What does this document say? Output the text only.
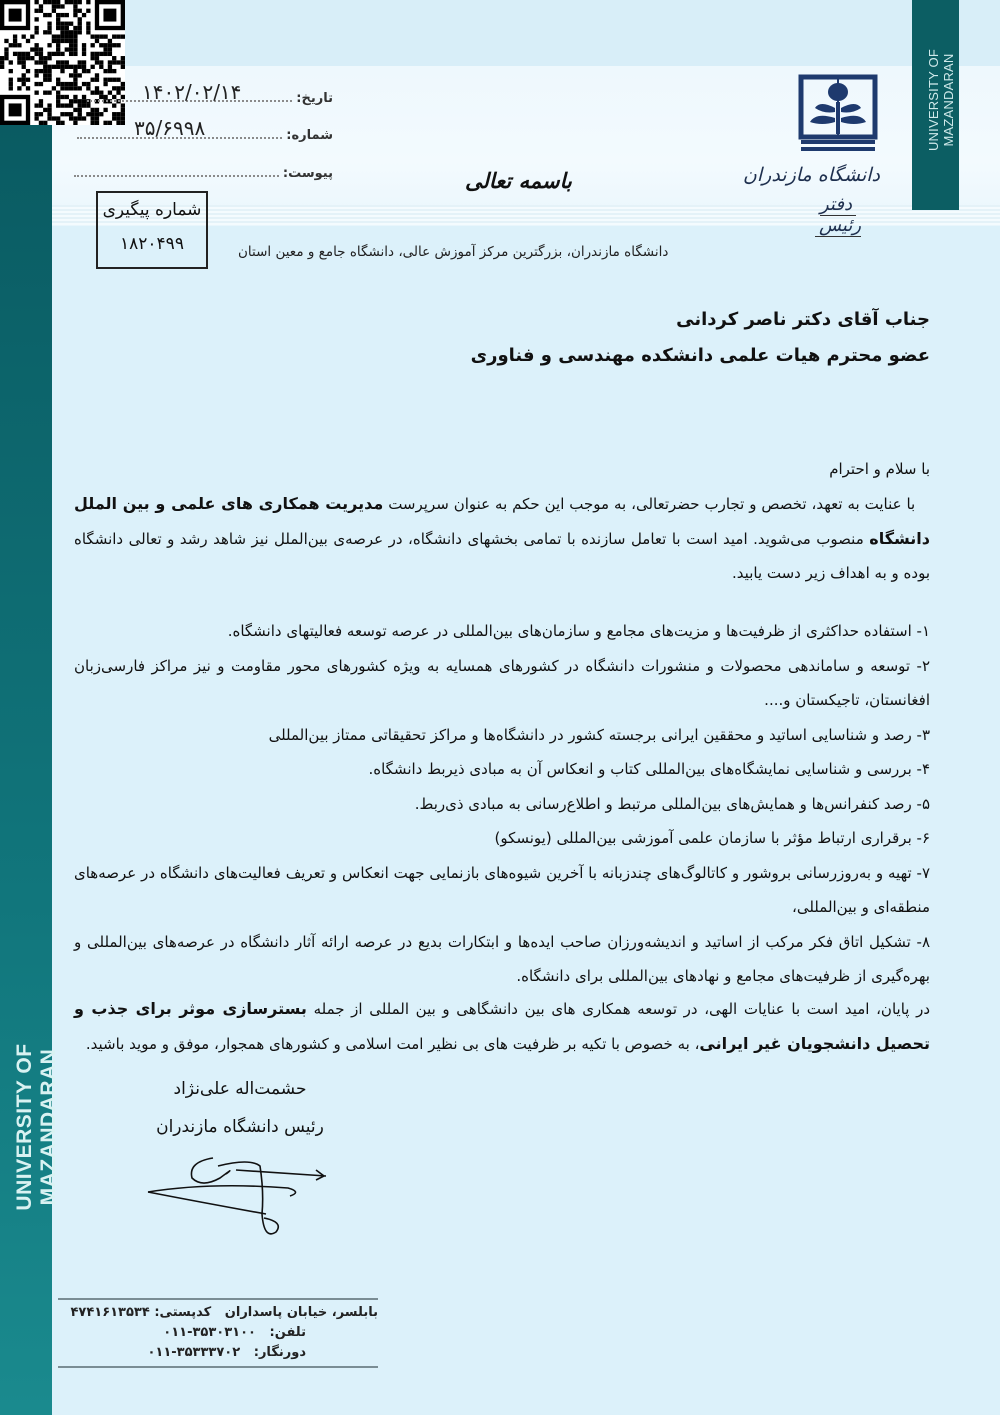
UNIVERSITY OF MAZANDARAN
UNIVERSITY OF MAZANDARAN
تاریخ:
۱۴۰۲/۰۲/۱۴
شماره:
۳۵/۶۹۹۸
پیوست:	باسمه تعالی
شماره پیگیری
۱۸۲۰۴۹۹	دانشگاه مازندران، بزرگترین مرکز آموزش عالی، دانشگاه جامع و معین استان
دانشگاه مازندران
دفتر رئیس
جناب آقای دکتر ناصر کردانی
عضو محترم هیات علمی دانشکده مهندسی و فناوری
با سلام و احترام
با عنایت به تعهد، تخصص و تجارب حضرتعالی، به موجب این حکم به عنوان سرپرست مدیریت همکاری های علمی و بین الملل دانشگاه منصوب می‌شوید. امید است با تعامل سازنده با تمامی بخشهای دانشگاه، در عرصه‌ی بین‌الملل نیز شاهد رشد و تعالی دانشگاه بوده و به اهداف زیر دست یابید.
۱- استفاده حداکثری از ظرفیت‌ها و مزیت‌های مجامع و سازمان‌های بین‌المللی در عرصه توسعه فعالیتهای دانشگاه.
۲- توسعه و ساماندهی محصولات و منشورات دانشگاه در کشورهای همسایه به ویژه کشورهای محور مقاومت و نیز مراکز فارسی‌زبان افغانستان، تاجیکستان و....
۳- رصد و شناسایی اساتید و محققین ایرانی برجسته کشور در دانشگاه‌ها و مراکز تحقیقاتی ممتاز بین‌المللی
۴- بررسی و شناسایی نمایشگاه‌های بین‌المللی کتاب و انعکاس آن به مبادی ذیربط دانشگاه.
۵- رصد کنفرانس‌ها و همایش‌های بین‌المللی مرتبط و اطلاع‌رسانی به مبادی ذی‌ربط.
۶- برقراری ارتباط مؤثر با سازمان علمی آموزشی بین‌المللی (یونسکو)
۷- تهیه و به‌روزرسانی بروشور و کاتالوگ‌های چندزبانه با آخرین شیوه‌های بازنمایی جهت انعکاس و تعریف فعالیت‌های دانشگاه در عرصه‌های منطقه‌ای و بین‌المللی،
۸- تشکیل اتاق فکر مرکب از اساتید و اندیشه‌ورزان صاحب ایده‌ها و ابتکارات بدیع در عرصه ارائه آثار دانشگاه در عرصه‌های بین‌المللی و بهره‌گیری از ظرفیت‌های مجامع و نهادهای بین‌المللی برای دانشگاه.
در پایان، امید است با عنایات الهی، در توسعه همکاری های بین دانشگاهی و بین المللی از جمله بسترسازی موثر برای جذب و تحصیل دانشجویان غیر ایرانی، به خصوص با تکیه بر ظرفیت های بی نظیر امت اسلامی و کشورهای همجوار، موفق و موید باشید.
حشمت‌اله علی‌نژاد
رئیس دانشگاه مازندران
بابلسر، خیابان پاسداران   کدپستی: ۴۷۴۱۶۱۳۵۳۴
تلفن:   ۰۱۱-۳۵۳۰۳۱۰۰
دورنگار:   ۰۱۱-۳۵۳۳۳۷۰۲
